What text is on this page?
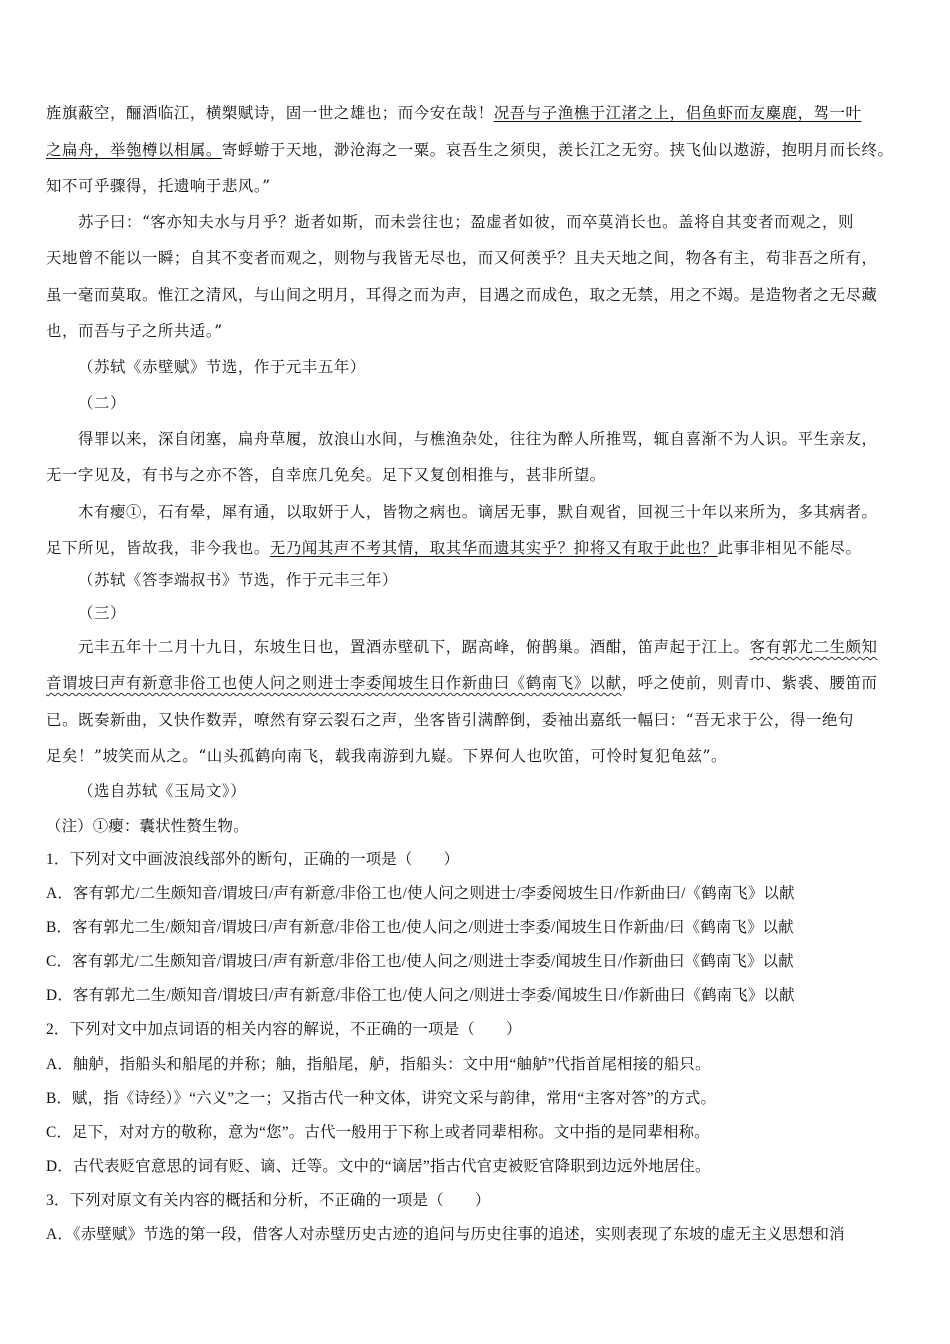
旌旗蔽空，酾酒临江，横槊赋诗，固一世之雄也；而今安在哉！况吾与子渔樵于江渚之上，侣鱼虾而友麋鹿，驾一叶
之扁舟，举匏樽以相属。寄蜉蝣于天地，渺沧海之一粟。哀吾生之须臾，羡长江之无穷。挟飞仙以遨游，抱明月而长终。
知不可乎骤得，托遗响于悲风。”
苏子曰：“客亦知夫水与月乎？逝者如斯，而未尝往也；盈虚者如彼，而卒莫消长也。盖将自其变者而观之，则
天地曾不能以一瞬；自其不变者而观之，则物与我皆无尽也，而又何羡乎？且夫天地之间，物各有主，苟非吾之所有，
虽一毫而莫取。惟江之清风，与山间之明月，耳得之而为声，目遇之而成色，取之无禁，用之不竭。是造物者之无尽藏
也，而吾与子之所共适。”
（苏轼《赤壁赋》节选，作于元丰五年）
（二）
得罪以来，深自闭塞，扁舟草履，放浪山水间，与樵渔杂处，往往为醉人所推骂，辄自喜渐不为人识。平生亲友，
无一字见及，有书与之亦不答，自幸庶几免矣。足下又复创相推与，甚非所望。
木有瘿①，石有晕，犀有通，以取妍于人，皆物之病也。谪居无事，默自观省，回视三十年以来所为，多其病者。
足下所见，皆故我，非今我也。无乃闻其声不考其情，取其华而遗其实乎？抑将又有取于此也？此事非相见不能尽。
（苏轼《答李端叔书》节选，作于元丰三年）
（三）
元丰五年十二月十九日，东坡生日也，置酒赤壁矶下，踞高峰，俯鹊巢。酒酣，笛声起于江上。客有郭尤二生颇知
音谓坡曰声有新意非俗工也使人问之则进士李委闻坡生日作新曲曰《鹤南飞》以献，呼之使前，则青巾、紫裘、腰笛而
已。既奏新曲，又快作数弄，嘹然有穿云裂石之声，坐客皆引满醉倒，委袖出嘉纸一幅曰：“吾无求于公，得一绝句
足矣！”坡笑而从之。“山头孤鹤向南飞，载我南游到九嶷。下界何人也吹笛，可怜时复犯龟兹”。
（选自苏轼《玉局文》）
（注）①瘿：囊状性赘生物。
1．下列对文中画波浪线部外的断句，正确的一项是（　　）
A．客有郭尤/二生颇知音/谓坡曰/声有新意/非俗工也/使人问之则进士/李委阅坡生日/作新曲曰/《鹤南飞》以献
B．客有郭尤二生/颇知音/谓坡曰/声有新意/非俗工也/使人问之/则进士李委/闻坡生日作新曲/曰《鹤南飞》以献
C．客有郭尤/二生颇知音/谓坡曰/声有新意/非俗工也/使人问之/则进士李委/闻坡生日/作新曲曰《鹤南飞》以献
D．客有郭尤二生/颇知音/谓坡曰/声有新意/非俗工也/使人问之/则进士李委/闻坡生日/作新曲曰《鹤南飞》以献
2．下列对文中加点词语的相关内容的解说，不正确的一项是（　　）
A．舳舻，指船头和船尾的并称；舳，指船尾，舻，指船头：文中用“舳舻”代指首尾相接的船只。
B．赋，指《诗经）》“六义”之一；又指古代一种文体，讲究文采与韵律，常用“主客对答”的方式。
C．足下，对对方的敬称，意为“您”。古代一般用于下称上或者同辈相称。文中指的是同辈相称。
D．古代表贬官意思的词有贬、谪、迁等。文中的“谪居”指古代官吏被贬官降职到边远外地居住。
3．下列对原文有关内容的概括和分析，不正确的一项是（　　）
A．《赤壁赋》节选的第一段，借客人对赤壁历史古迹的追问与历史往事的追述，实则表现了东坡的虚无主义思想和消
